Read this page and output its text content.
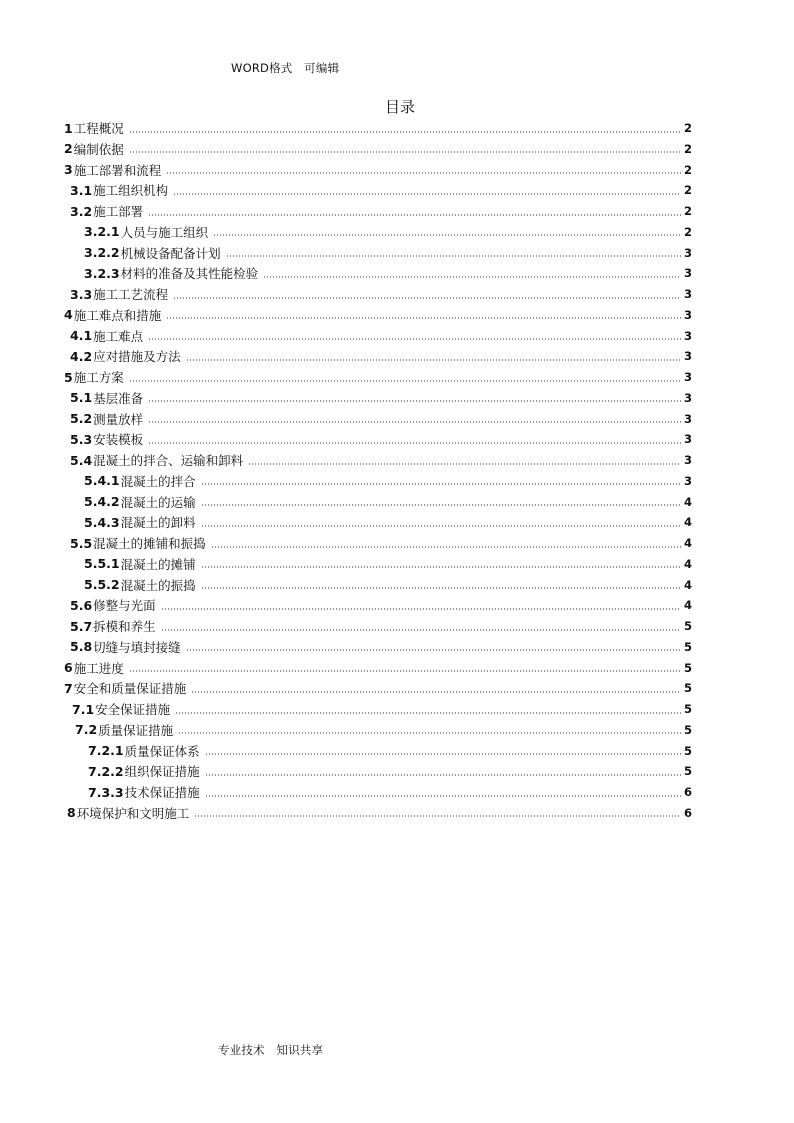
WORD格式　可编辑
目录
1 工程概况	2
2 编制依据	2
3 施工部署和流程	2
3.1 施工组织机构	2
3.2 施工部署	2
3.2.1 人员与施工组织	2
3.2.2 机械设备配备计划	3
3.2.3 材料的准备及其性能检验	3
3.3 施工工艺流程	3
4 施工难点和措施	3
4.1 施工难点	3
4.2 应对措施及方法	3
5 施工方案	3
5.1 基层准备	3
5.2 测量放样	3
5.3 安装模板	3
5.4 混凝土的拌合、运输和卸料	3
5.4.1 混凝土的拌合	3
5.4.2 混凝土的运输	4
5.4.3 混凝土的卸料	4
5.5 混凝土的摊铺和振捣	4
5.5.1 混凝土的摊铺	4
5.5.2 混凝土的振捣	4
5.6 修整与光面	4
5.7 拆模和养生	5
5.8 切缝与填封接缝	5
6 施工进度	5
7 安全和质量保证措施	5
7.1 安全保证措施	5
7.2 质量保证措施	5
7.2.1 质量保证体系	5
7.2.2 组织保证措施	5
7.3.3 技术保证措施	6
8 环境保护和文明施工	6
专业技术　知识共享
